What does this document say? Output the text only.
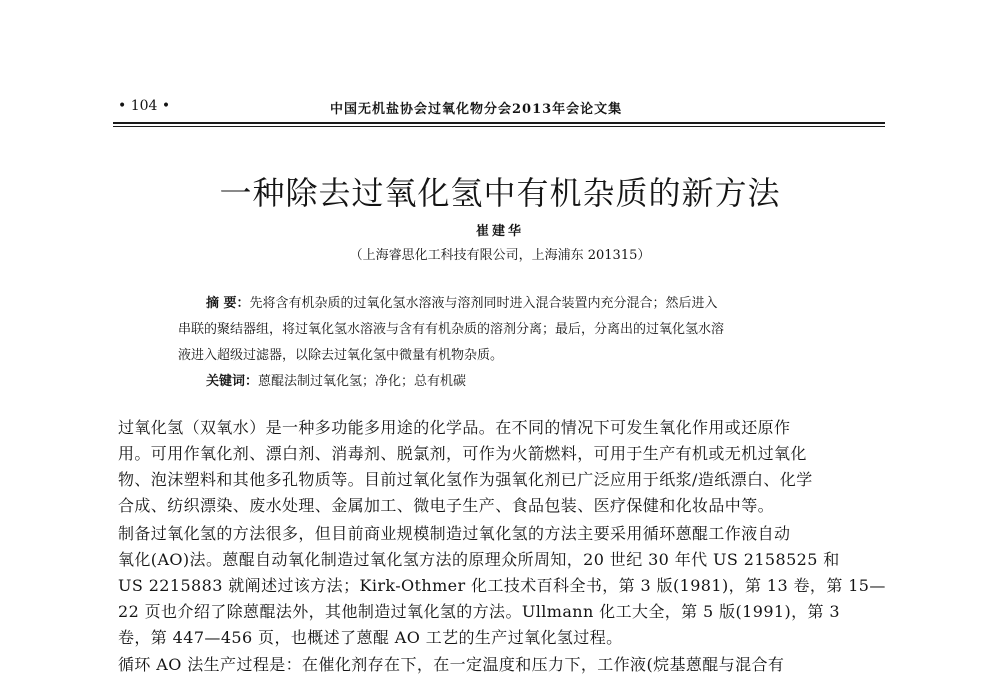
• 104 •	中国无机盐协会过氧化物分会2013年会论文集
一种除去过氧化氢中有机杂质的新方法
崔建华
（上海睿思化工科技有限公司，上海浦东 201315）
摘 要：先将含有机杂质的过氧化氢水溶液与溶剂同时进入混合装置内充分混合；然后进入
串联的聚结器组，将过氧化氢水溶液与含有有机杂质的溶剂分离；最后，分离出的过氧化氢水溶
液进入超级过滤器，以除去过氧化氢中微量有机物杂质。
关键词：蒽醌法制过氧化氢；净化；总有机碳
过氧化氢（双氧水）是一种多功能多用途的化学品。在不同的情况下可发生氧化作用或还原作
用。可用作氧化剂、漂白剂、消毒剂、脱氯剂，可作为火箭燃料，可用于生产有机或无机过氧化
物、泡沫塑料和其他多孔物质等。目前过氧化氢作为强氧化剂已广泛应用于纸浆/造纸漂白、化学
合成、纺织漂染、废水处理、金属加工、微电子生产、食品包装、医疗保健和化妆品中等。
制备过氧化氢的方法很多，但目前商业规模制造过氧化氢的方法主要采用循环蒽醌工作液自动
氧化(AO)法。蒽醌自动氧化制造过氧化氢方法的原理众所周知，20 世纪 30 年代 US 2158525 和
US 2215883 就阐述过该方法；Kirk-Othmer 化工技术百科全书，第 3 版(1981)，第 13 卷，第 15—
22 页也介绍了除蒽醌法外，其他制造过氧化氢的方法。Ullmann 化工大全，第 5 版(1991)，第 3
卷，第 447—456 页，也概述了蒽醌 AO 工艺的生产过氧化氢过程。
循环 AO 法生产过程是：在催化剂存在下，在一定温度和压力下，工作液(烷基蒽醌与混合有
